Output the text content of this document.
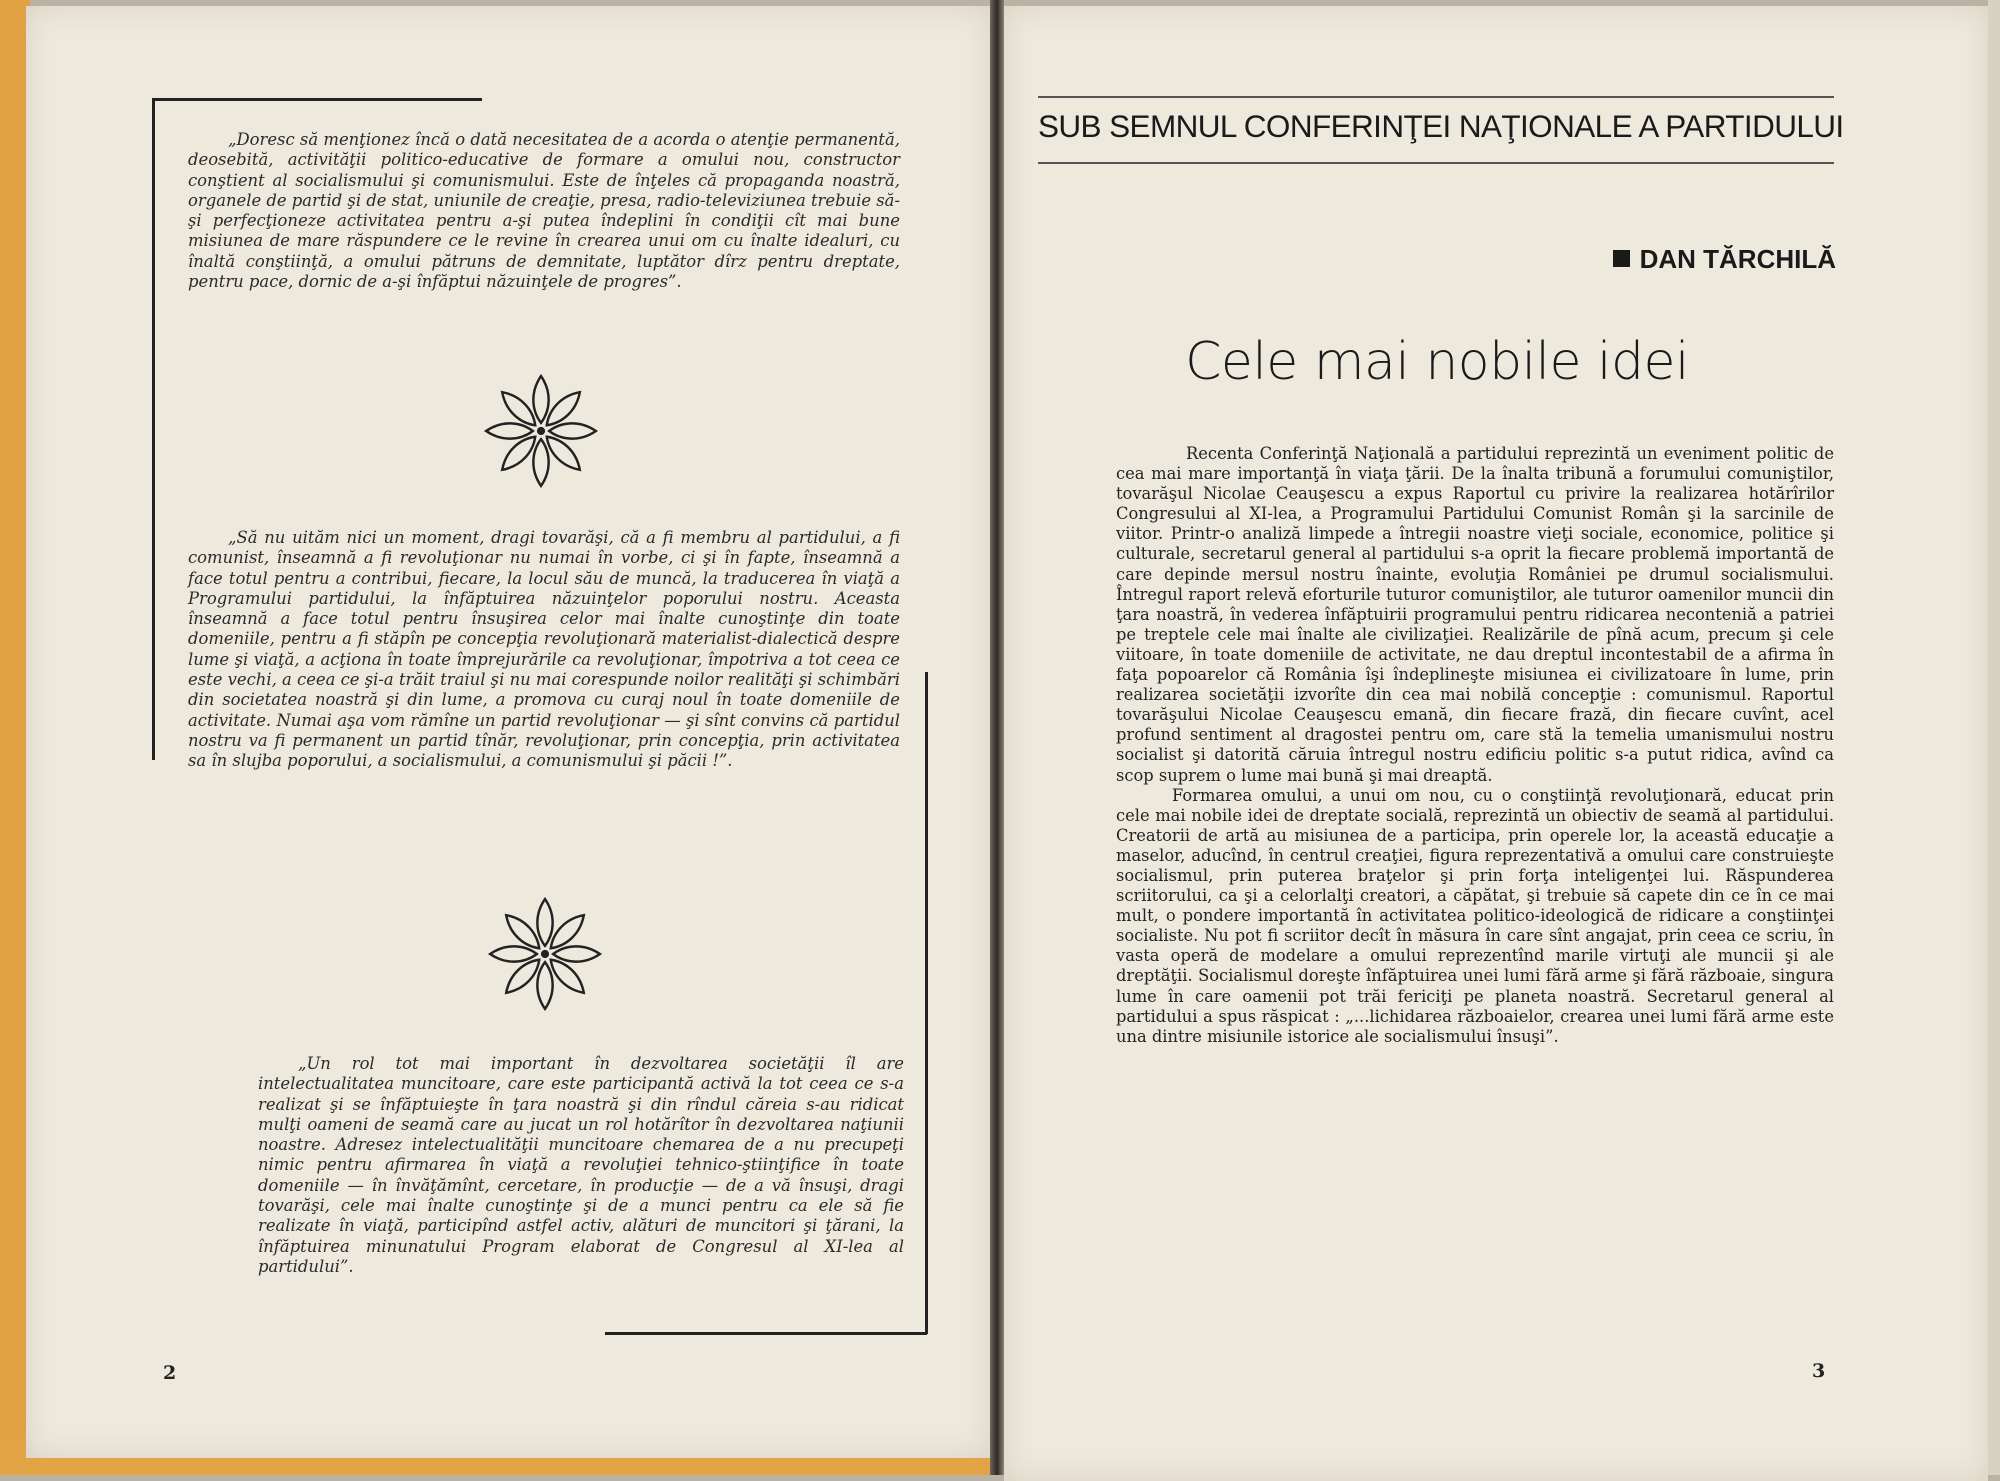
„Doresc să menţionez încă o dată necesitatea de a acorda o atenţie permanentă, deosebită, activităţii politico-educative de formare a omului nou, constructor conştient al socialismului şi comunismului. Este de înţeles că propaganda noastră, organele de partid şi de stat, uniunile de creaţie, presa, radio-televiziunea trebuie să-şi perfecţioneze activitatea pentru a-şi putea îndeplini în condiţii cît mai bune misiunea de mare răspundere ce le revine în crearea unui om cu înalte idealuri, cu înaltă conştiinţă, a omului pătruns de demnitate, luptător dîrz pentru dreptate, pentru pace, dornic de a-şi înfăptui năzuinţele de progres”.
„Să nu uităm nici un moment, dragi tovarăşi, că a fi membru al partidului, a fi comunist, înseamnă a fi revoluţionar nu numai în vorbe, ci şi în fapte, înseamnă a face totul pentru a contribui, fiecare, la locul său de muncă, la traducerea în viaţă a Programului partidului, la înfăptuirea năzuinţelor poporului nostru. Aceasta înseamnă a face totul pentru însuşirea celor mai înalte cunoştinţe din toate domeniile, pentru a fi stăpîn pe concepţia revoluţionară materialist-dialectică despre lume şi viaţă, a acţiona în toate împrejurările ca revoluţionar, împotriva a tot ceea ce este vechi, a ceea ce şi-a trăit traiul şi nu mai corespunde noilor realităţi şi schimbări din societatea noastră şi din lume, a promova cu curaj noul în toate domeniile de activitate. Numai aşa vom rămîne un partid revoluţionar — şi sînt convins că partidul nostru va fi permanent un partid tînăr, revoluţionar, prin concepţia, prin activitatea sa în slujba poporului, a socialismului, a comunismului şi păcii !”.
„Un rol tot mai important în dezvoltarea societăţii îl are intelectualitatea muncitoare, care este participantă activă la tot ceea ce s-a realizat şi se înfăptuieşte în ţara noastră şi din rîndul căreia s-au ridicat mulţi oameni de seamă care au jucat un rol hotărîtor în dezvoltarea naţiunii noastre. Adresez intelectualităţii muncitoare chemarea de a nu precupeţi nimic pentru afirmarea în viaţă a revoluţiei tehnico-ştiinţifice în toate domeniile — în învăţămînt, cercetare, în producţie — de a vă însuşi, dragi tovarăşi, cele mai înalte cunoştinţe şi de a munci pentru ca ele să fie realizate în viaţă, participînd astfel activ, alături de muncitori şi ţărani, la înfăptuirea minunatului Program elaborat de Congresul al XI-lea al partidului”.
2
SUB SEMNUL CONFERINŢEI NAŢIONALE A PARTIDULUI
DAN TĂRCHILĂ
Cele mai nobile idei

Recenta Conferinţă Naţională a partidului reprezintă un eveniment politic de cea mai mare importanţă în viaţa ţării. De la înalta tribună a forumului comuniştilor, tovarăşul Nicolae Ceauşescu a expus Raportul cu privire la realizarea hotărîrilor Congresului al XI-lea, a Programului Partidului Comunist Român şi la sarcinile de viitor. Printr-o analiză limpede a întregii noastre vieţi sociale, economice, politice şi culturale, secretarul general al partidului s-a oprit la fiecare problemă importantă de care depinde mersul nostru înainte, evoluţia României pe drumul socialismului. Întregul raport relevă eforturile tuturor comuniştilor, ale tuturor oamenilor muncii din ţara noastră, în vederea înfăptuirii programului pentru ridicarea neconteniă a patriei pe treptele cele mai înalte ale civilizaţiei. Realizările de pînă acum, precum şi cele viitoare, în toate domeniile de activitate, ne dau dreptul incontestabil de a afirma în faţa popoarelor că România îşi îndeplineşte misiunea ei civilizatoare în lume, prin realizarea societăţii izvorîte din cea mai nobilă concepţie : comunismul. Raportul tovarăşului Nicolae Ceauşescu emană, din fiecare frază, din fiecare cuvînt, acel profund sentiment al dragostei pentru om, care stă la temelia umanismului nostru socialist şi datorită căruia întregul nostru edificiu politic s-a putut ridica, avînd ca scop suprem o lume mai bună şi mai dreaptă.

Formarea omului, a unui om nou, cu o conştiinţă revoluţionară, educat prin cele mai nobile idei de dreptate socială, reprezintă un obiectiv de seamă al partidului. Creatorii de artă au misiunea de a participa, prin operele lor, la această educaţie a maselor, aducînd, în centrul creaţiei, figura reprezentativă a omului care construieşte socialismul, prin puterea braţelor şi prin forţa inteligenţei lui. Răspunderea scriitorului, ca şi a celorlalţi creatori, a căpătat, şi trebuie să capete din ce în ce mai mult, o pondere importantă în activitatea politico-ideologică de ridicare a conştiinţei socialiste. Nu pot fi scriitor decît în măsura în care sînt angajat, prin ceea ce scriu, în vasta operă de modelare a omului reprezentînd marile virtuţi ale muncii şi ale dreptăţii. Socialismul doreşte înfăptuirea unei lumi fără arme şi fără războaie, singura lume în care oamenii pot trăi fericiţi pe planeta noastră. Secretarul general al partidului a spus răspicat : „...lichidarea războaielor, crearea unei lumi fără arme este una dintre misiunile istorice ale socialismului însuşi”.

3
